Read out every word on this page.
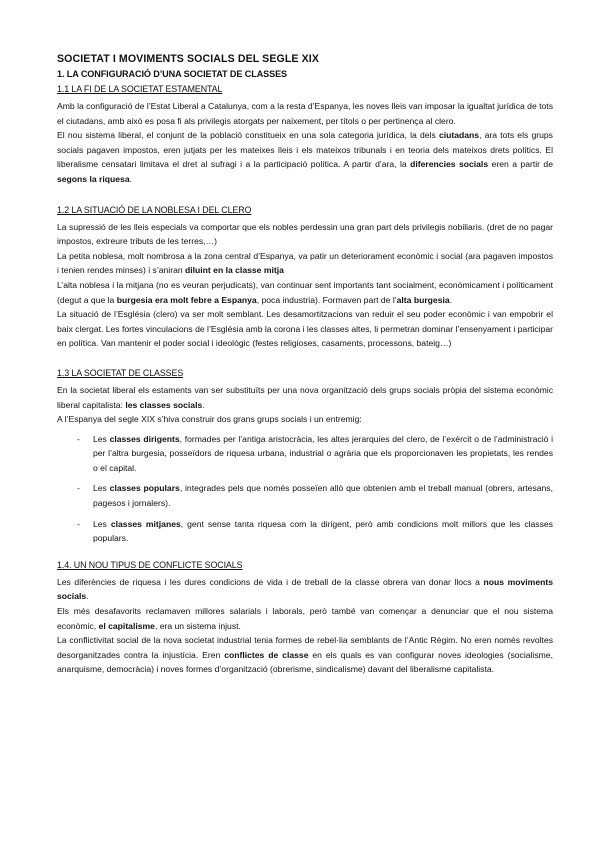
SOCIETAT I MOVIMENTS SOCIALS DEL SEGLE XIX
1. LA CONFIGURACIÓ D’UNA SOCIETAT DE CLASSES
1.1 LA FI DE LA SOCIETAT ESTAMENTAL

Amb la configuració de l’Estat Liberal a Catalunya, com a la resta d’Espanya, les noves lleis van imposar la igualtat jurídica de tots el ciutadans, amb això es posa fi als privilegis atorgats per naixement, per títols o per pertinença al clero.

El nou sistema liberal, el conjunt de la població constitueix en una sola categoria jurídica, la dels ciutadans, ara tots els grups socials pagaven impostos, eren jutjats per les mateixes lleis i els mateixos tribunals i en teoria dels mateixos drets polítics. El liberalisme censatari limitava el dret al sufragi i a la participació política. A partir d’ara, la diferencies socials eren a partir de segons la riquesa.

1.2 LA SITUACIÓ DE LA NOBLESA I DEL CLERO

La supressió de les lleis especials va comportar que els nobles perdessin una gran part dels privilegis nobiliaris. (dret de no pagar impostos, extreure tributs de les terres,…)

La petita noblesa, molt nombrosa a la zona central d’Espanya, va patir un deteriorament econòmic i social (ara pagaven impostos i tenien rendes minses) i s’aniran diluint en la classe mitja

L’alta noblesa i la mitjana (no es veuran perjudicats), van continuar sent importants tant socialment, econòmicament i políticament (degut a que la burgesia era molt febre a Espanya, poca industria). Formaven part de l’alta burgesia.

La situació de l’Església (clero) va ser molt semblant. Les desamortitzacions van reduir el seu poder econòmic i van empobrir el baix clergat. Les fortes vinculacions de l’Església amb la corona i les classes altes, li permetran dominar l’ensenyament i participar en política. Van mantenir el poder social i ideològic (festes religioses, casaments, processons, bateig…)

1.3 LA SOCIETAT DE CLASSES

En la societat liberal els estaments van ser substituïts per una nova organització dels grups socials pròpia del sistema econòmic liberal capitalista: les classes socials.

A l’Espanya del segle XIX s’hiva construir dos grans grups socials i un entremig:

- Les classes dirigents, formades per l’antiga aristocràcia, les altes jerarquies del clero, de l’exèrcit o de l’administració i per l’altra burgesia, posseïdors de riquesa urbana, industrial o agrària que els proporcionaven les propietats, les rendes o el capital.
- Les classes populars, integrades pels que només posseïen allò que obtenien amb el treball manual (obrers, artesans, pagesos i jornalers).
- Les classes mitjanes, gent sense tanta riquesa com la dirigent, però amb condicions molt millors que les classes populars.
1.4. UN NOU TIPUS DE CONFLICTE SOCIALS

Les diferències de riquesa i les dures condicions de vida i de treball de la classe obrera van donar llocs a nous moviments socials.

Els més desafavorits reclamaven millores salarials i laborals, però també van començar a denunciar que el nou sistema econòmic, el capitalisme, era un sistema injust.

La conflictivitat social de la nova societat industrial tenia formes de rebel·lia semblants de l’Antic Règim. No eren només revoltes desorganitzades contra la injustícia. Eren conflictes de classe en els quals es van configurar noves ideologies (socialisme, anarquisme, democràcia) i noves formes d’organització (obrerisme, sindicalisme) davant del liberalisme capitalista.
